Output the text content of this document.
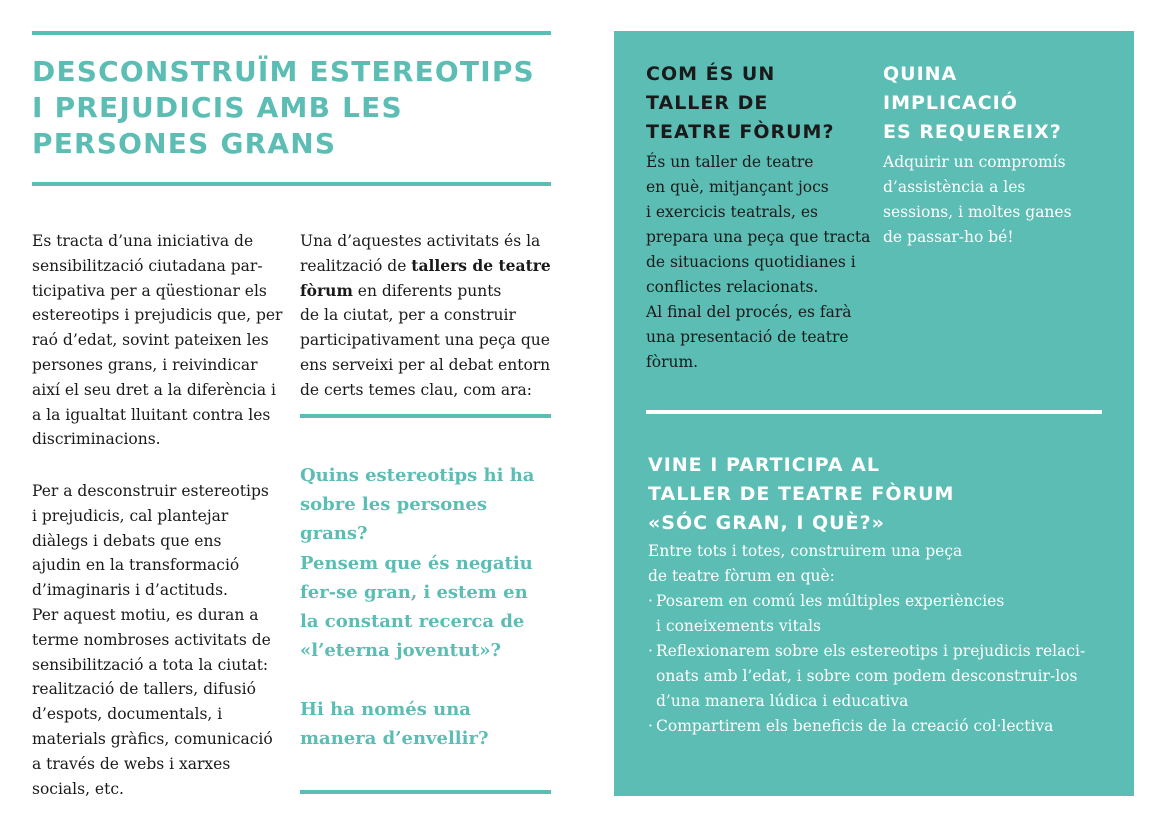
DESCONSTRUÏM ESTEREOTIPS
I PREJUDICIS AMB LES
PERSONES GRANS

Es tracta d’una iniciativa de
sensibilització ciutadana par-
ticipativa per a qüestionar els
estereotips i prejudicis que, per
raó d’edat, sovint pateixen les
persones grans, i reivindicar
així el seu dret a la diferència i
a la igualtat lluitant contra les
discriminacions.

Per a desconstruir estereotips
i prejudicis, cal plantejar
diàlegs i debats que ens
ajudin en la transformació
d’imaginaris i d’actituds.
Per aquest motiu, es duran a
terme nombroses activitats de
sensibilització a tota la ciutat:
realització de tallers, difusió
d’espots, documentals, i
materials gràfics, comunicació
a través de webs i xarxes
socials, etc.

Una d’aquestes activitats és la
realització de tallers de teatre
fòrum en diferents punts
de la ciutat, per a construir
participativament una peça que
ens serveixi per al debat entorn
de certs temes clau, com ara:

Quins estereotips hi ha
sobre les persones grans?

Pensem que és negatiu
fer-se gran, i estem en
la constant recerca de
«l’eterna joventut»?

Hi ha només una
manera d’envellir?

COM ÉS UN
TALLER DE
TEATRE FÒRUM?

És un taller de teatre
en què, mitjançant jocs
i exercicis teatrals, es
prepara una peça que tracta
de situacions quotidianes i
conflictes relacionats.
Al final del procés, es farà
una presentació de teatre
fòrum.

QUINA
IMPLICACIÓ
ES REQUEREIX?

Adquirir un compromís
d’assistència a les
sessions, i moltes ganes
de passar-ho bé!

VINE I PARTICIPA AL
TALLER DE TEATRE FÒRUM
«SÓC GRAN, I QUÈ?»

Entre tots i totes, construirem una peça
de teatre fòrum en què:

· Posarem en comú les múltiples experiències
i coneixements vitals
· Reflexionarem sobre els estereotips i prejudicis relaci-
onats amb l’edat, i sobre com podem desconstruir-los
d’una manera lúdica i educativa
· Compartirem els beneficis de la creació col·lectiva
